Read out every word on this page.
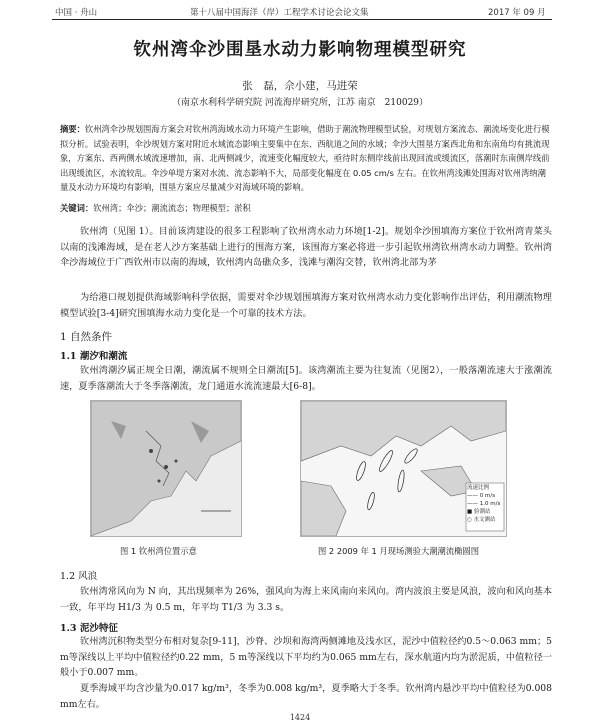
中国 · 舟山	第十八届中国海洋（岸）工程学术讨论会论文集	2017 年 09 月
钦州湾伞沙围垦水动力影响物理模型研究
张　磊，佘小建，马进荣
（南京水利科学研究院 河流海岸研究所，江苏 南京　210029）
摘要：钦州湾伞沙规划围海方案会对钦州湾海域水动力环境产生影响，借助于潮流物理模型试验，对规划方案流态、潮流场变化进行模拟分析。试验表明，伞沙规划方案对附近水域流态影响主要集中在东、西航道之间的水域；伞沙大围垦方案西北角和东南角均有挑流现象，方案东、西两侧水域流速增加，南、北两侧减少，流速变化幅度较大，亟待时东侧岸线前出现回流或缓流区，落潮时东南侧岸线前出现缓流区，水流较乱。伞沙单堤方案对水流、流态影响不大，局部变化幅度在 0.05 cm/s 左右。在钦州湾浅滩处围海对钦州湾纳潮量及水动力环境均有影响，围垦方案应尽量减少对海域环境的影响。
关键词：钦州湾；伞沙；潮流流态；物理模型；淤积
钦州湾（见图 1）。目前该湾建设的很多工程影响了钦州湾水动力环境[1-2]。规划伞沙围填海方案位于钦州湾青菜头以南的浅滩海域，是在老人沙方案基础上进行的围海方案，该围海方案必将进一步引起钦州湾钦州湾水动力调整。钦州湾伞沙海域位于广西钦州市以南的海域，钦州湾内岛礁众多，浅滩与潮沟交替，钦州湾北部为茅
为给港口规划提供海域影响科学依据，需要对伞沙规划围填海方案对钦州湾水动力变化影响作出评估，利用潮流物理模型试验[3-4]研究围填海水动力变化是一个可靠的技术方法。
1 自然条件
1.1 潮汐和潮流
钦州湾潮汐属正规全日潮，潮流属不规则全日潮流[5]。该湾潮流主要为往复流（见图2），一般落潮流速大于涨潮流速，夏季落潮流大于冬季落潮流，龙门通道水流流速最大[6-8]。
图 1 钦州湾位置示意
流速比例
—— 0 m/s
—— 1.0 m/s
■ 验潮站
○ 水文测站
图 2 2009 年 1 月现场测验大潮潮流椭圆图
1.2 风浪
钦州湾常风向为 N 向，其出现频率为 26%，强风向为海上来风南向来风向。湾内波浪主要是风浪，波向和风向基本一致，年平均 H1/3 为 0.5 m，年平均 T1/3 为 3.3 s。
1.3 泥沙特征
钦州湾沉积物类型分布相对复杂[9-11]，沙脊、沙坝和海湾两侧滩地及浅水区，泥沙中值粒径约0.5～0.063 mm；5 m等深线以上平均中值粒径约0.22 mm，5 m等深线以下平均约为0.065 mm左右，深水航道内均为淤泥质，中值粒径一般小于0.007 mm。
夏季海域平均含沙量为0.017 kg/m³，冬季为0.008 kg/m³，夏季略大于冬季。钦州湾内悬沙平均中值粒径为0.008 mm左右。
1424
